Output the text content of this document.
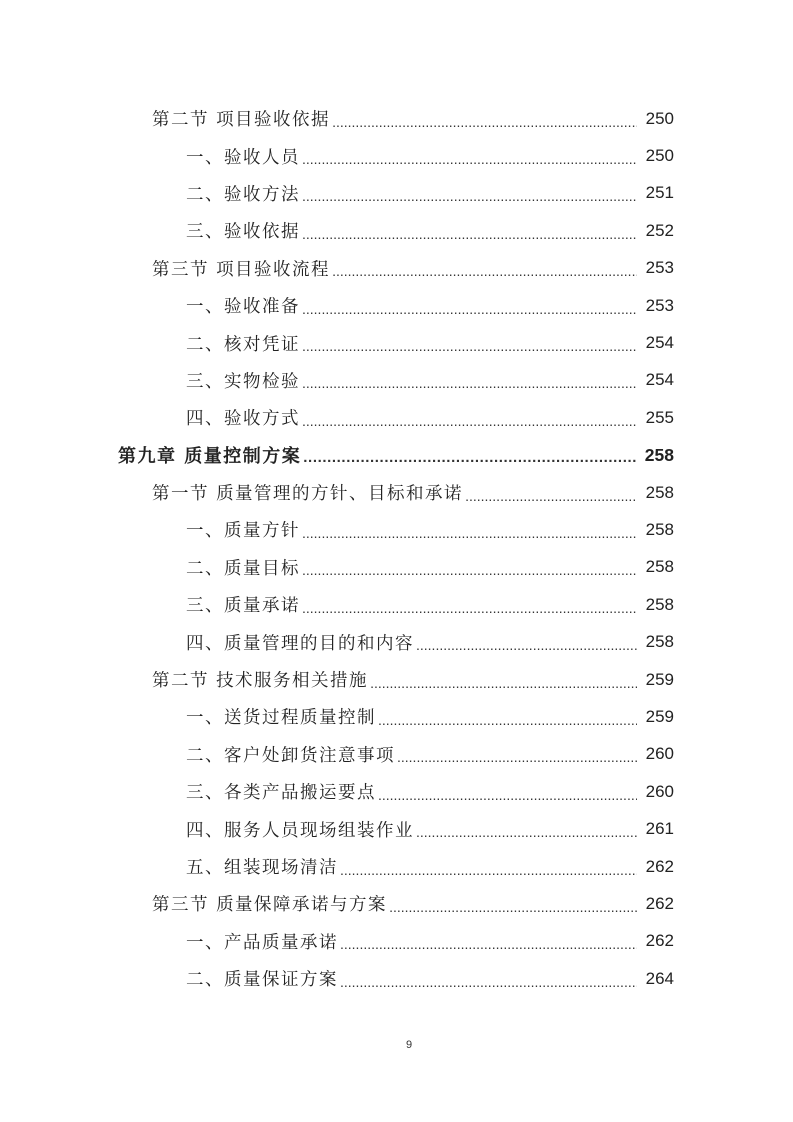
第二节 项目验收依据 .....	250
一、验收人员 .....	250
二、验收方法 .....	251
三、验收依据 .....	252
第三节 项目验收流程 .....	253
一、验收准备 .....	253
二、核对凭证 .....	254
三、实物检验 .....	254
四、验收方式 .....	255
第九章 质量控制方案 .....	258
第一节 质量管理的方针、目标和承诺 .....	258
一、质量方针 .....	258
二、质量目标 .....	258
三、质量承诺 .....	258
四、质量管理的目的和内容 .....	258
第二节 技术服务相关措施 .....	259
一、送货过程质量控制 .....	259
二、客户处卸货注意事项 .....	260
三、各类产品搬运要点 .....	260
四、服务人员现场组装作业 .....	261
五、组装现场清洁 .....	262
第三节 质量保障承诺与方案 .....	262
一、产品质量承诺 .....	262
二、质量保证方案 .....	264
9
